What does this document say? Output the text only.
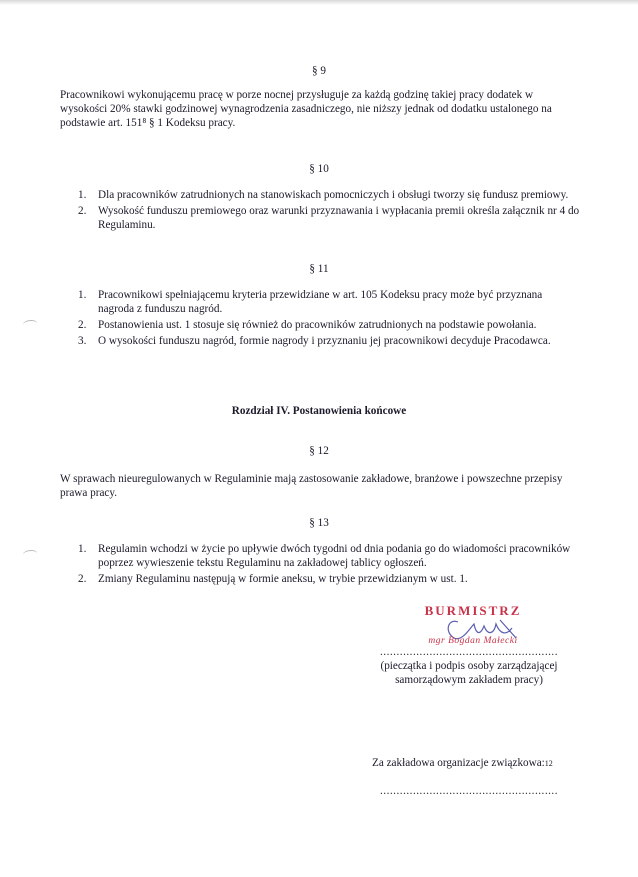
§ 9

Pracownikowi wykonującemu pracę w porze nocnej przysługuje za każdą godzinę takiej pracy dodatek w wysokości 20% stawki godzinowej wynagrodzenia zasadniczego, nie niższy jednak od dodatku ustalonego na podstawie art. 151⁸ § 1 Kodeksu pracy.

§ 10
1. Dla pracowników zatrudnionych na stanowiskach pomocniczych i obsługi tworzy się fundusz premiowy.
2. Wysokość funduszu premiowego oraz warunki przyznawania i wypłacania premii określa załącznik nr 4 do Regulaminu.
§ 11
1. Pracownikowi spełniającemu kryteria przewidziane w art. 105 Kodeksu pracy może być przyznana nagroda z funduszu nagród.
2. Postanowienia ust. 1 stosuje się również do pracowników zatrudnionych na podstawie powołania.
3. O wysokości funduszu nagród, formie nagrody i przyznaniu jej pracownikowi decyduje Pracodawca.
Rozdział IV. Postanowienia końcowe
§ 12

W sprawach nieuregulowanych w Regulaminie mają zastosowanie zakładowe, branżowe i powszechne przepisy prawa pracy.

§ 13
1. Regulamin wchodzi w życie po upływie dwóch tygodni od dnia podania go do wiadomości pracowników poprzez wywieszenie tekstu Regulaminu na zakładowej tablicy ogłoszeń.
2. Zmiany Regulaminu następują w formie aneksu, w trybie przewidzianym w ust. 1.
BURMISTRZ
mgr Bogdan Małecki
......................................................
(pieczątka i podpis osoby zarządzającej
samorządowym zakładem pracy)
Za zakładowa organizacje związkowa:12
......................................................
